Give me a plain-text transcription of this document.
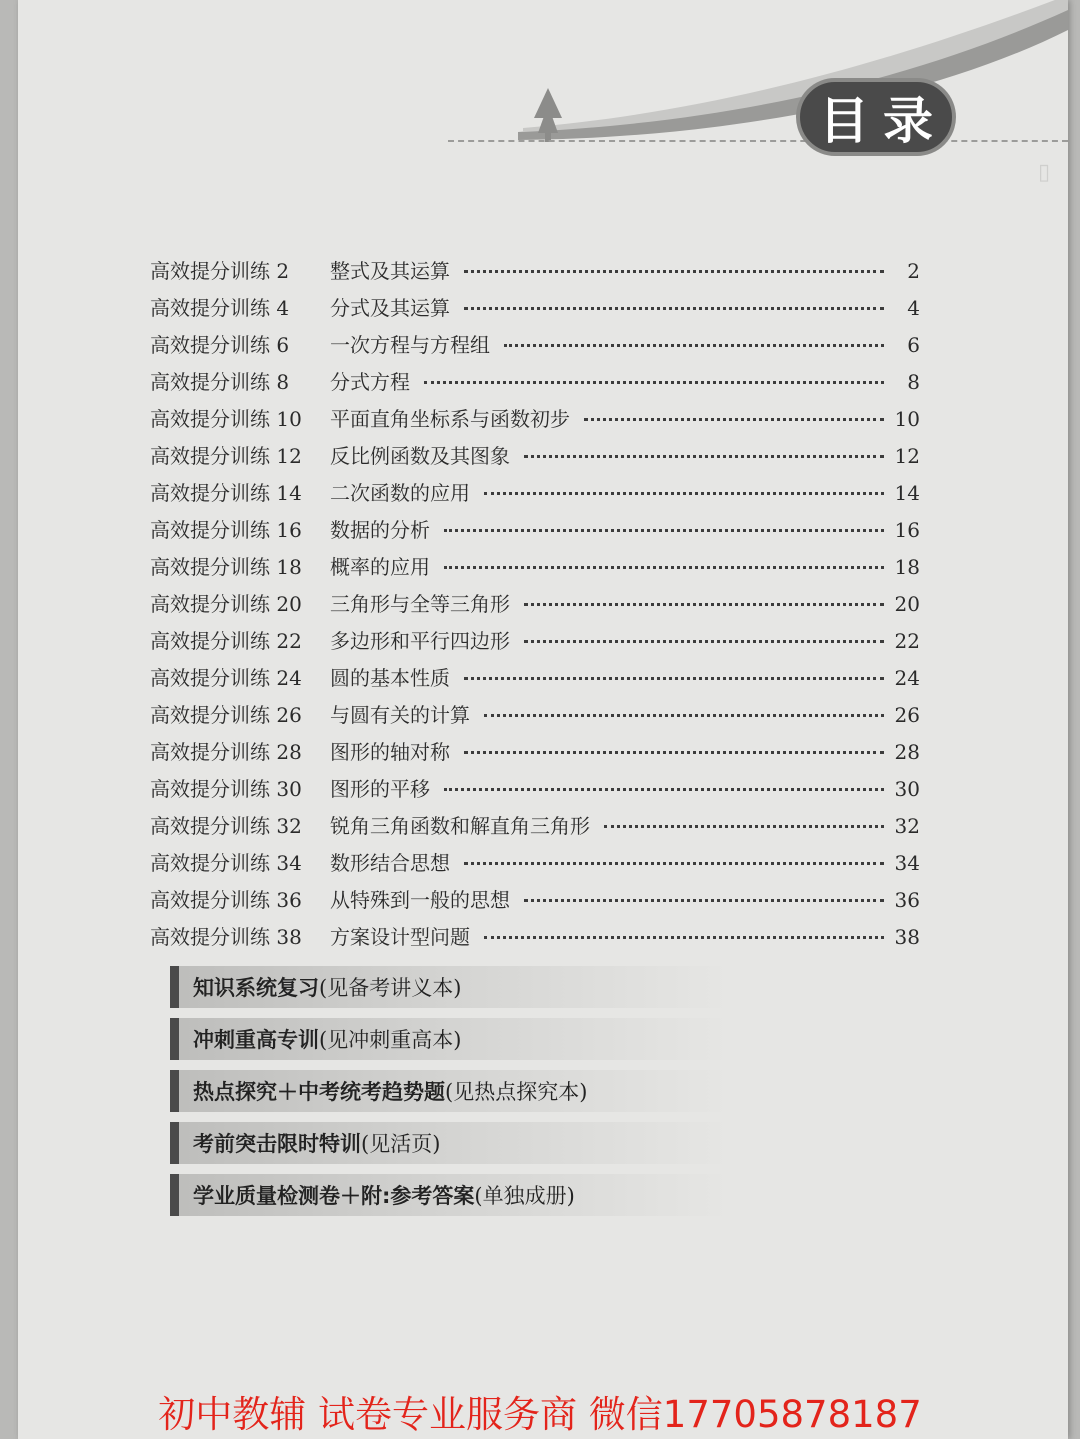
▯
目录
高效提分训练 2	整式及其运算	2
高效提分训练 4	分式及其运算	4
高效提分训练 6	一次方程与方程组	6
高效提分训练 8	分式方程	8
高效提分训练 10	平面直角坐标系与函数初步	10
高效提分训练 12	反比例函数及其图象	12
高效提分训练 14	二次函数的应用	14
高效提分训练 16	数据的分析	16
高效提分训练 18	概率的应用	18
高效提分训练 20	三角形与全等三角形	20
高效提分训练 22	多边形和平行四边形	22
高效提分训练 24	圆的基本性质	24
高效提分训练 26	与圆有关的计算	26
高效提分训练 28	图形的轴对称	28
高效提分训练 30	图形的平移	30
高效提分训练 32	锐角三角函数和解直角三角形	32
高效提分训练 34	数形结合思想	34
高效提分训练 36	从特殊到一般的思想	36
高效提分训练 38	方案设计型问题	38
知识系统复习(见备考讲义本)
冲刺重高专训(见冲刺重高本)
热点探究＋中考统考趋势题(见热点探究本)
考前突击限时特训(见活页)
学业质量检测卷＋附:参考答案(单独成册)
初中教辅 试卷专业服务商 微信17705878187
